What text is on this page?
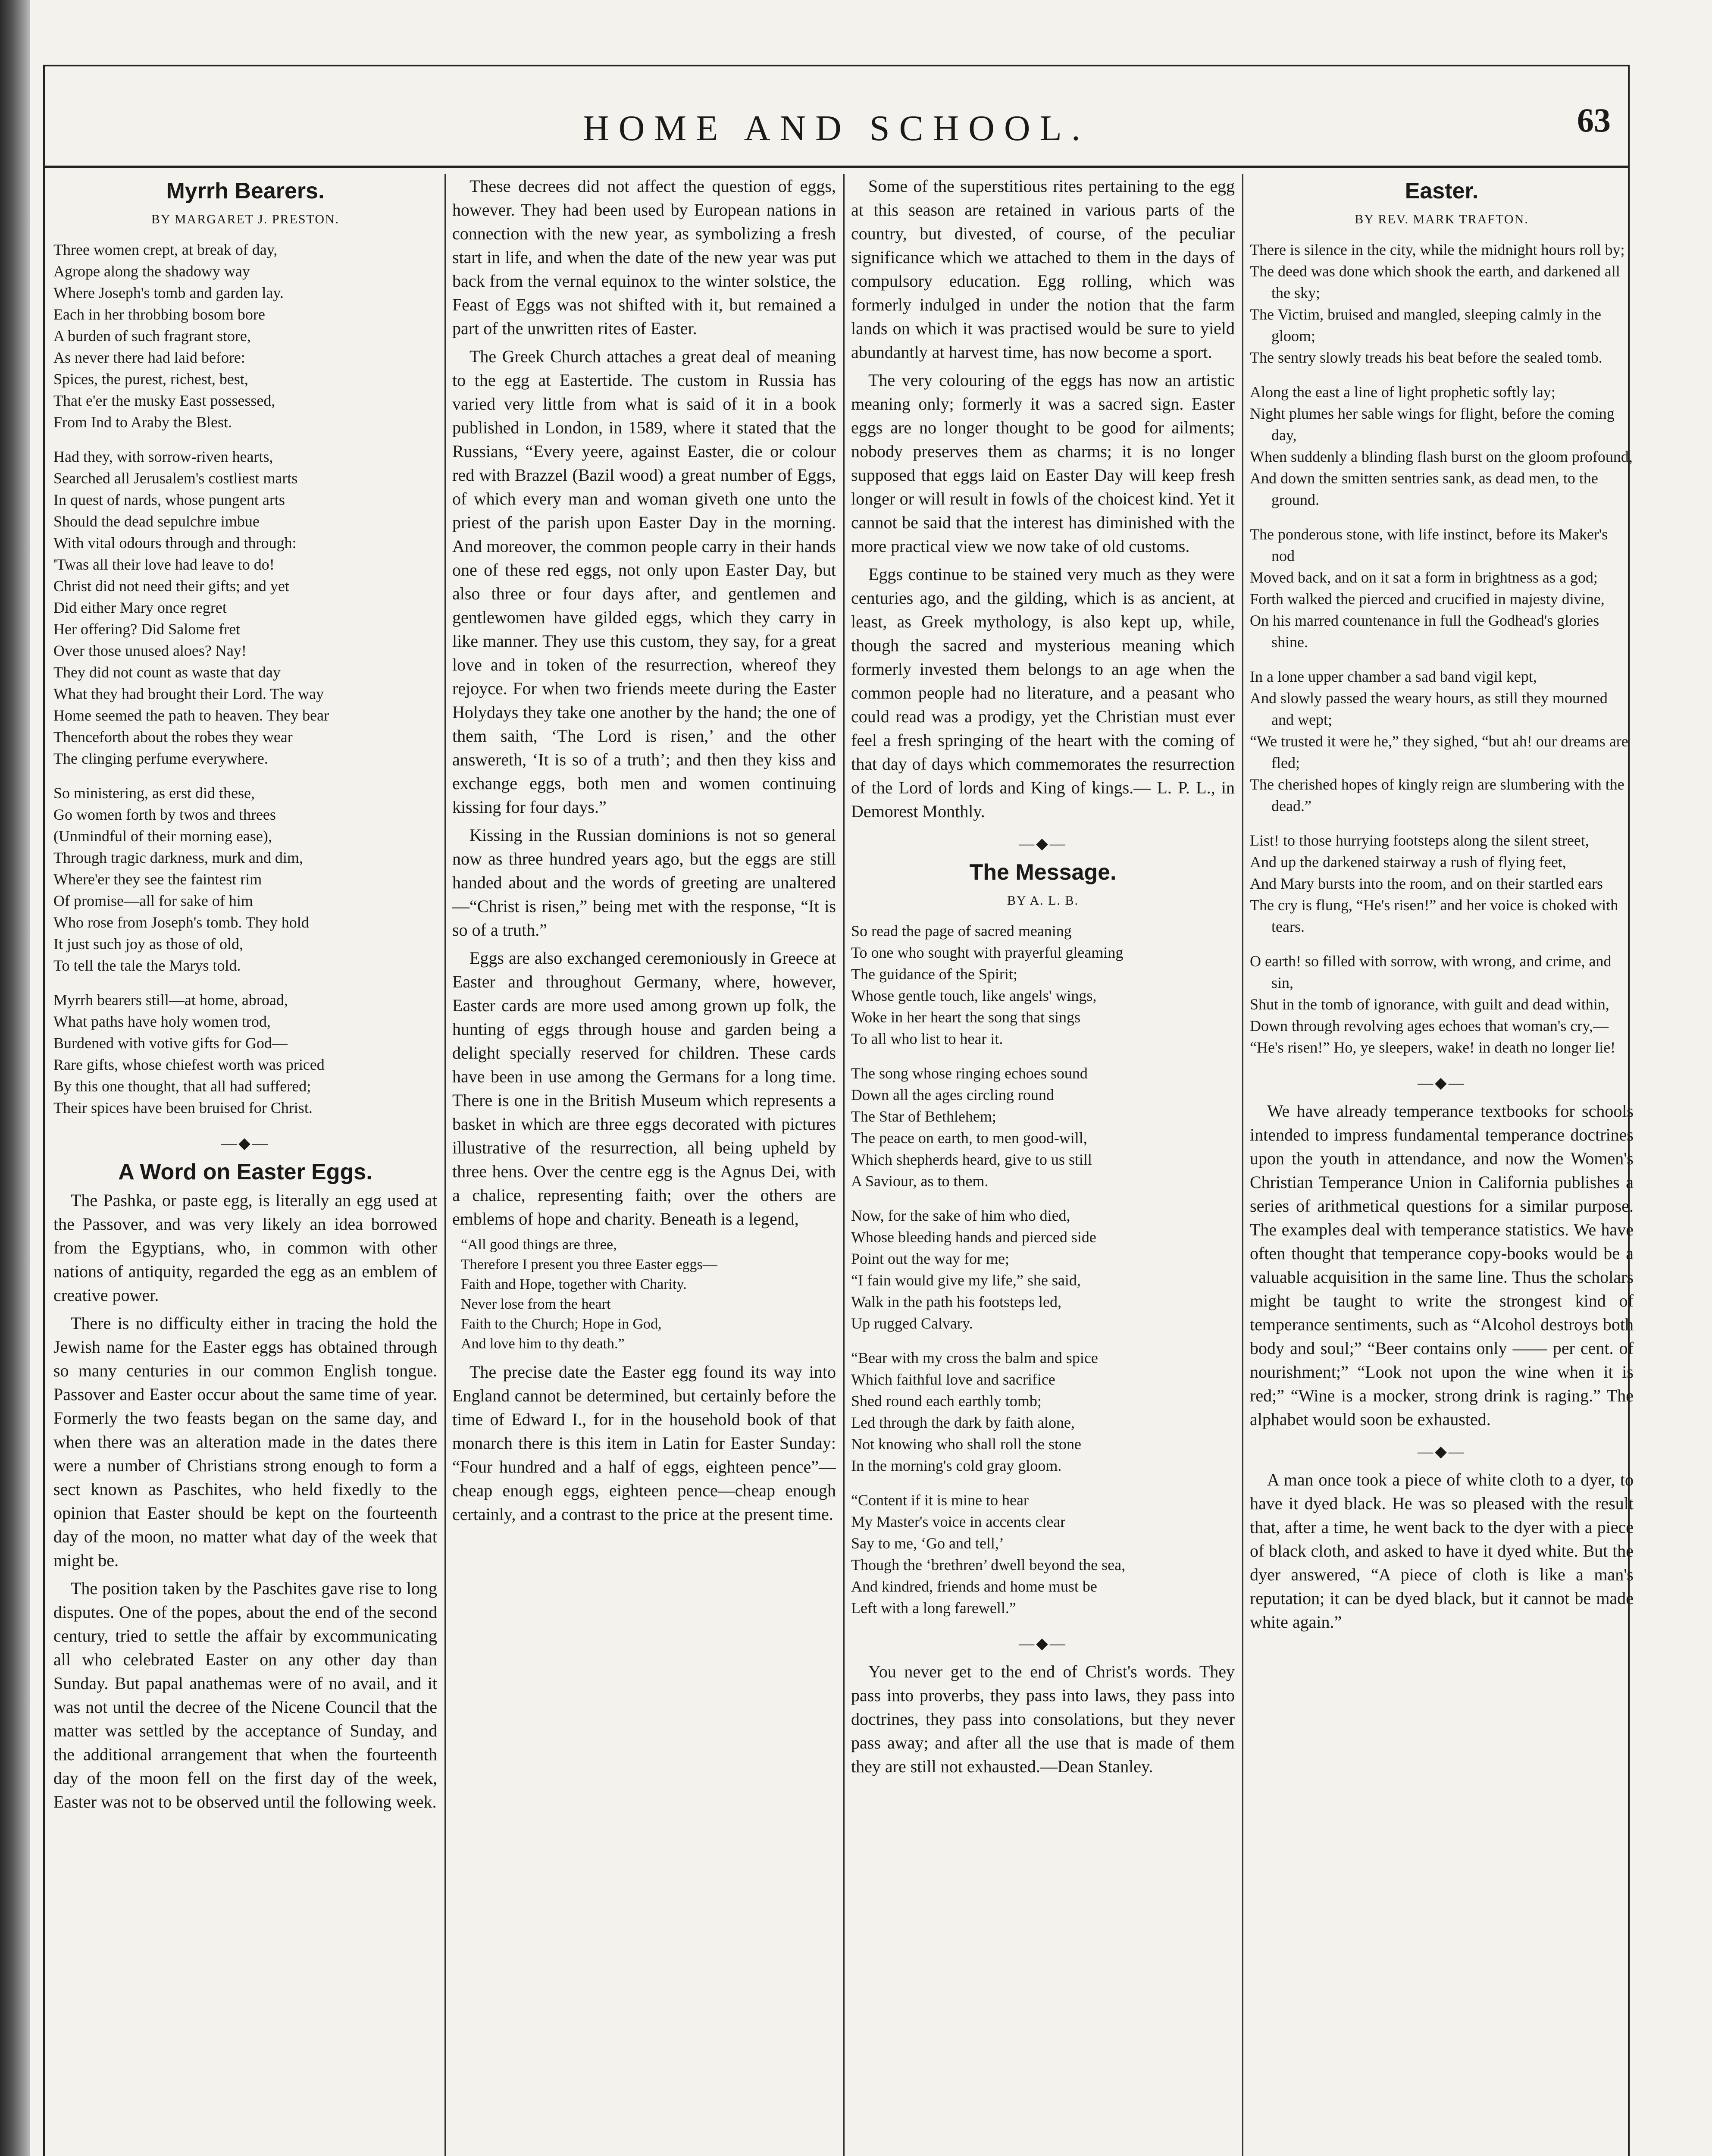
HOME AND SCHOOL.	63
Myrrh Bearers.
BY MARGARET J. PRESTON.
Three women crept, at break of day,
Agrope along the shadowy way
Where Joseph's tomb and garden lay.
Each in her throbbing bosom bore
A burden of such fragrant store,
As never there had laid before:
Spices, the purest, richest, best,
That e'er the musky East possessed,
From Ind to Araby the Blest.
Had they, with sorrow-riven hearts,
Searched all Jerusalem's costliest marts
In quest of nards, whose pungent arts
Should the dead sepulchre imbue
With vital odours through and through:
'Twas all their love had leave to do!
Christ did not need their gifts; and yet
Did either Mary once regret
Her offering? Did Salome fret
Over those unused aloes? Nay!
They did not count as waste that day
What they had brought their Lord. The way
Home seemed the path to heaven. They bear
Thenceforth about the robes they wear
The clinging perfume everywhere.
So ministering, as erst did these,
Go women forth by twos and threes
(Unmindful of their morning ease),
Through tragic darkness, murk and dim,
Where'er they see the faintest rim
Of promise—all for sake of him
Who rose from Joseph's tomb. They hold
It just such joy as those of old,
To tell the tale the Marys told.
Myrrh bearers still—at home, abroad,
What paths have holy women trod,
Burdened with votive gifts for God—
Rare gifts, whose chiefest worth was priced
By this one thought, that all had suffered;
Their spices have been bruised for Christ.
—◆—
A Word on Easter Eggs.

The Pashka, or paste egg, is literally an egg used at the Passover, and was very likely an idea borrowed from the Egyptians, who, in common with other nations of antiquity, regarded the egg as an emblem of creative power.

There is no difficulty either in tracing the hold the Jewish name for the Easter eggs has obtained through so many centuries in our common English tongue. Passover and Easter occur about the same time of year. Formerly the two feasts began on the same day, and when there was an alteration made in the dates there were a number of Christians strong enough to form a sect known as Paschites, who held fixedly to the opinion that Easter should be kept on the fourteenth day of the moon, no matter what day of the week that might be.

The position taken by the Paschites gave rise to long disputes. One of the popes, about the end of the second century, tried to settle the affair by excommunicating all who celebrated Easter on any other day than Sunday. But papal anathemas were of no avail, and it was not until the decree of the Nicene Council that the matter was settled by the acceptance of Sunday, and the additional arrangement that when the fourteenth day of the moon fell on the first day of the week, Easter was not to be observed until the following week.

These decrees did not affect the question of eggs, however. They had been used by European nations in connection with the new year, as symbolizing a fresh start in life, and when the date of the new year was put back from the vernal equinox to the winter solstice, the Feast of Eggs was not shifted with it, but remained a part of the unwritten rites of Easter.

The Greek Church attaches a great deal of meaning to the egg at Eastertide. The custom in Russia has varied very little from what is said of it in a book published in London, in 1589, where it stated that the Russians, “Every yeere, against Easter, die or colour red with Brazzel (Bazil wood) a great number of Eggs, of which every man and woman giveth one unto the priest of the parish upon Easter Day in the morning. And moreover, the common people carry in their hands one of these red eggs, not only upon Easter Day, but also three or four days after, and gentlemen and gentlewomen have gilded eggs, which they carry in like manner. They use this custom, they say, for a great love and in token of the resurrection, whereof they rejoyce. For when two friends meete during the Easter Holydays they take one another by the hand; the one of them saith, ‘The Lord is risen,’ and the other answereth, ‘It is so of a truth’; and then they kiss and exchange eggs, both men and women continuing kissing for four days.”

Kissing in the Russian dominions is not so general now as three hundred years ago, but the eggs are still handed about and the words of greeting are unaltered—“Christ is risen,” being met with the response, “It is so of a truth.”

Eggs are also exchanged ceremoniously in Greece at Easter and throughout Germany, where, however, Easter cards are more used among grown up folk, the hunting of eggs through house and garden being a delight specially reserved for children. These cards have been in use among the Germans for a long time. There is one in the British Museum which represents a basket in which are three eggs decorated with pictures illustrative of the resurrection, all being upheld by three hens. Over the centre egg is the Agnus Dei, with a chalice, representing faith; over the others are emblems of hope and charity. Beneath is a legend,

“All good things are three,
Therefore I present you three Easter eggs—
Faith and Hope, together with Charity.
Never lose from the heart
Faith to the Church; Hope in God,
And love him to thy death.”

The precise date the Easter egg found its way into England cannot be determined, but certainly before the time of Edward I., for in the household book of that monarch there is this item in Latin for Easter Sunday: “Four hundred and a half of eggs, eighteen pence”—cheap enough eggs, eighteen pence—cheap enough certainly, and a contrast to the price at the present time.

Some of the superstitious rites pertaining to the egg at this season are retained in various parts of the country, but divested, of course, of the peculiar significance which we attached to them in the days of compulsory education. Egg rolling, which was formerly indulged in under the notion that the farm lands on which it was practised would be sure to yield abundantly at harvest time, has now become a sport.

The very colouring of the eggs has now an artistic meaning only; formerly it was a sacred sign. Easter eggs are no longer thought to be good for ailments; nobody preserves them as charms; it is no longer supposed that eggs laid on Easter Day will keep fresh longer or will result in fowls of the choicest kind. Yet it cannot be said that the interest has diminished with the more practical view we now take of old customs.

Eggs continue to be stained very much as they were centuries ago, and the gilding, which is as ancient, at least, as Greek mythology, is also kept up, while, though the sacred and mysterious meaning which formerly invested them belongs to an age when the common people had no literature, and a peasant who could read was a prodigy, yet the Christian must ever feel a fresh springing of the heart with the coming of that day of days which commemorates the resurrection of the Lord of lords and King of kings.— L. P. L., in Demorest Monthly.

—◆—
The Message.
BY A. L. B.
So read the page of sacred meaning
To one who sought with prayerful gleaming
The guidance of the Spirit;
Whose gentle touch, like angels' wings,
Woke in her heart the song that sings
To all who list to hear it.
The song whose ringing echoes sound
Down all the ages circling round
The Star of Bethlehem;
The peace on earth, to men good-will,
Which shepherds heard, give to us still
A Saviour, as to them.
Now, for the sake of him who died,
Whose bleeding hands and pierced side
Point out the way for me;
“I fain would give my life,” she said,
Walk in the path his footsteps led,
Up rugged Calvary.
“Bear with my cross the balm and spice
Which faithful love and sacrifice
Shed round each earthly tomb;
Led through the dark by faith alone,
Not knowing who shall roll the stone
In the morning's cold gray gloom.
“Content if it is mine to hear
My Master's voice in accents clear
Say to me, ‘Go and tell,’
Though the ‘brethren’ dwell beyond the sea,
And kindred, friends and home must be
Left with a long farewell.”
—◆—

You never get to the end of Christ's words. They pass into proverbs, they pass into laws, they pass into doctrines, they pass into consolations, but they never pass away; and after all the use that is made of them they are still not exhausted.—Dean Stanley.

Easter.
BY REV. MARK TRAFTON.
There is silence in the city, while the midnight hours roll by;
The deed was done which shook the earth, and darkened all the sky;
The Victim, bruised and mangled, sleeping calmly in the gloom;
The sentry slowly treads his beat before the sealed tomb.
Along the east a line of light prophetic softly lay;
Night plumes her sable wings for flight, before the coming day,
When suddenly a blinding flash burst on the gloom profound,
And down the smitten sentries sank, as dead men, to the ground.
The ponderous stone, with life instinct, before its Maker's nod
Moved back, and on it sat a form in brightness as a god;
Forth walked the pierced and crucified in majesty divine,
On his marred countenance in full the Godhead's glories shine.
In a lone upper chamber a sad band vigil kept,
And slowly passed the weary hours, as still they mourned and wept;
“We trusted it were he,” they sighed, “but ah! our dreams are fled;
The cherished hopes of kingly reign are slumbering with the dead.”
List! to those hurrying footsteps along the silent street,
And up the darkened stairway a rush of flying feet,
And Mary bursts into the room, and on their startled ears
The cry is flung, “He's risen!” and her voice is choked with tears.
O earth! so filled with sorrow, with wrong, and crime, and sin,
Shut in the tomb of ignorance, with guilt and dead within,
Down through revolving ages echoes that woman's cry,—
“He's risen!” Ho, ye sleepers, wake! in death no longer lie!
—◆—

We have already temperance textbooks for schools intended to impress fundamental temperance doctrines upon the youth in attendance, and now the Women's Christian Temperance Union in California publishes a series of arithmetical questions for a similar purpose. The examples deal with temperance statistics. We have often thought that temperance copy-books would be a valuable acquisition in the same line. Thus the scholars might be taught to write the strongest kind of temperance sentiments, such as “Alcohol destroys both body and soul;” “Beer contains only —— per cent. of nourishment;” “Look not upon the wine when it is red;” “Wine is a mocker, strong drink is raging.” The alphabet would soon be exhausted.

—◆—

A man once took a piece of white cloth to a dyer, to have it dyed black. He was so pleased with the result that, after a time, he went back to the dyer with a piece of black cloth, and asked to have it dyed white. But the dyer answered, “A piece of cloth is like a man's reputation; it can be dyed black, but it cannot be made white again.”
